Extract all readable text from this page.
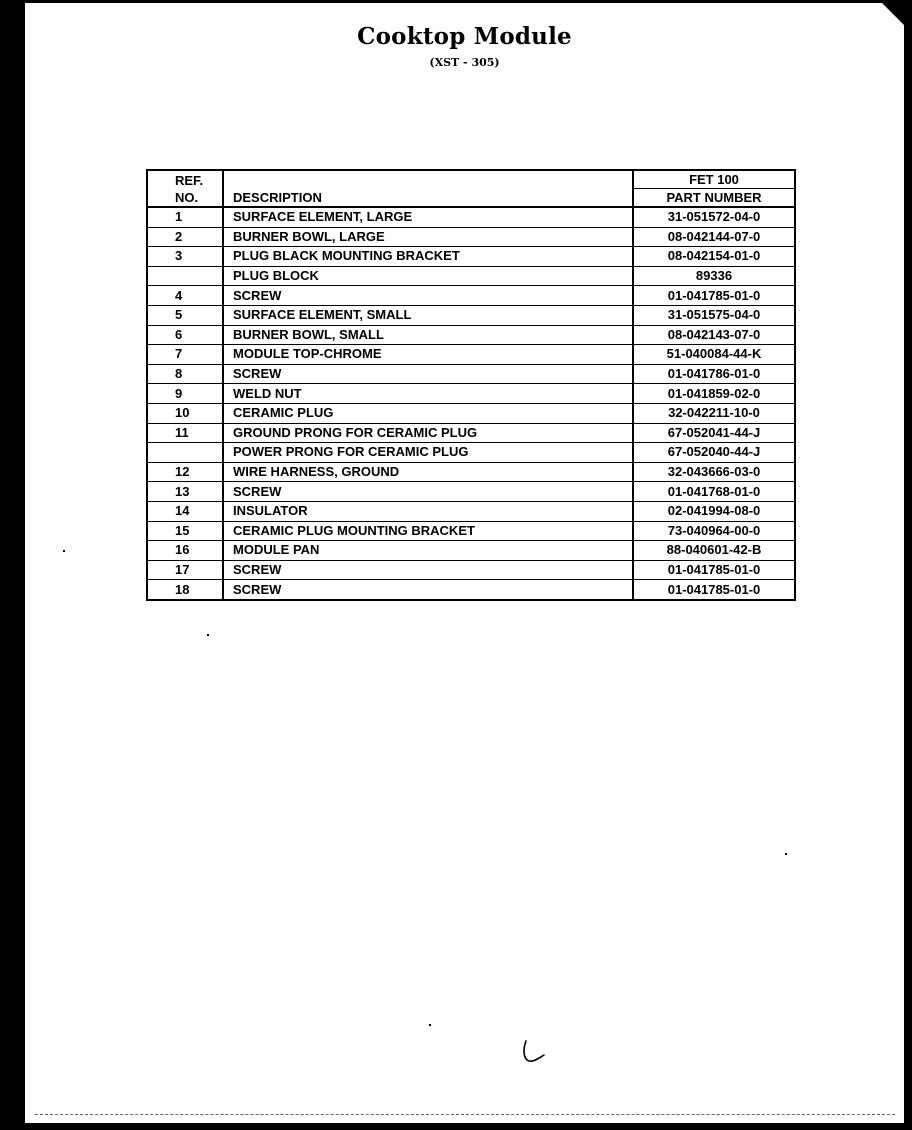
Cooktop Module
(XST - 305)
REF.
NO.	DESCRIPTION	FET 100
PART NUMBER

1	SURFACE ELEMENT, LARGE	31-051572-04-0
2	BURNER BOWL, LARGE	08-042144-07-0
3	PLUG BLACK MOUNTING BRACKET	08-042154-01-0
	PLUG BLOCK	89336
4	SCREW	01-041785-01-0
5	SURFACE ELEMENT, SMALL	31-051575-04-0
6	BURNER BOWL, SMALL	08-042143-07-0
7	MODULE TOP-CHROME	51-040084-44-K
8	SCREW	01-041786-01-0
9	WELD NUT	01-041859-02-0
10	CERAMIC PLUG	32-042211-10-0
11	GROUND PRONG FOR CERAMIC PLUG	67-052041-44-J
	POWER PRONG FOR CERAMIC PLUG	67-052040-44-J
12	WIRE HARNESS, GROUND	32-043666-03-0
13	SCREW	01-041768-01-0
14	INSULATOR	02-041994-08-0
15	CERAMIC PLUG MOUNTING BRACKET	73-040964-00-0
16	MODULE PAN	88-040601-42-B
17	SCREW	01-041785-01-0
18	SCREW	01-041785-01-0
